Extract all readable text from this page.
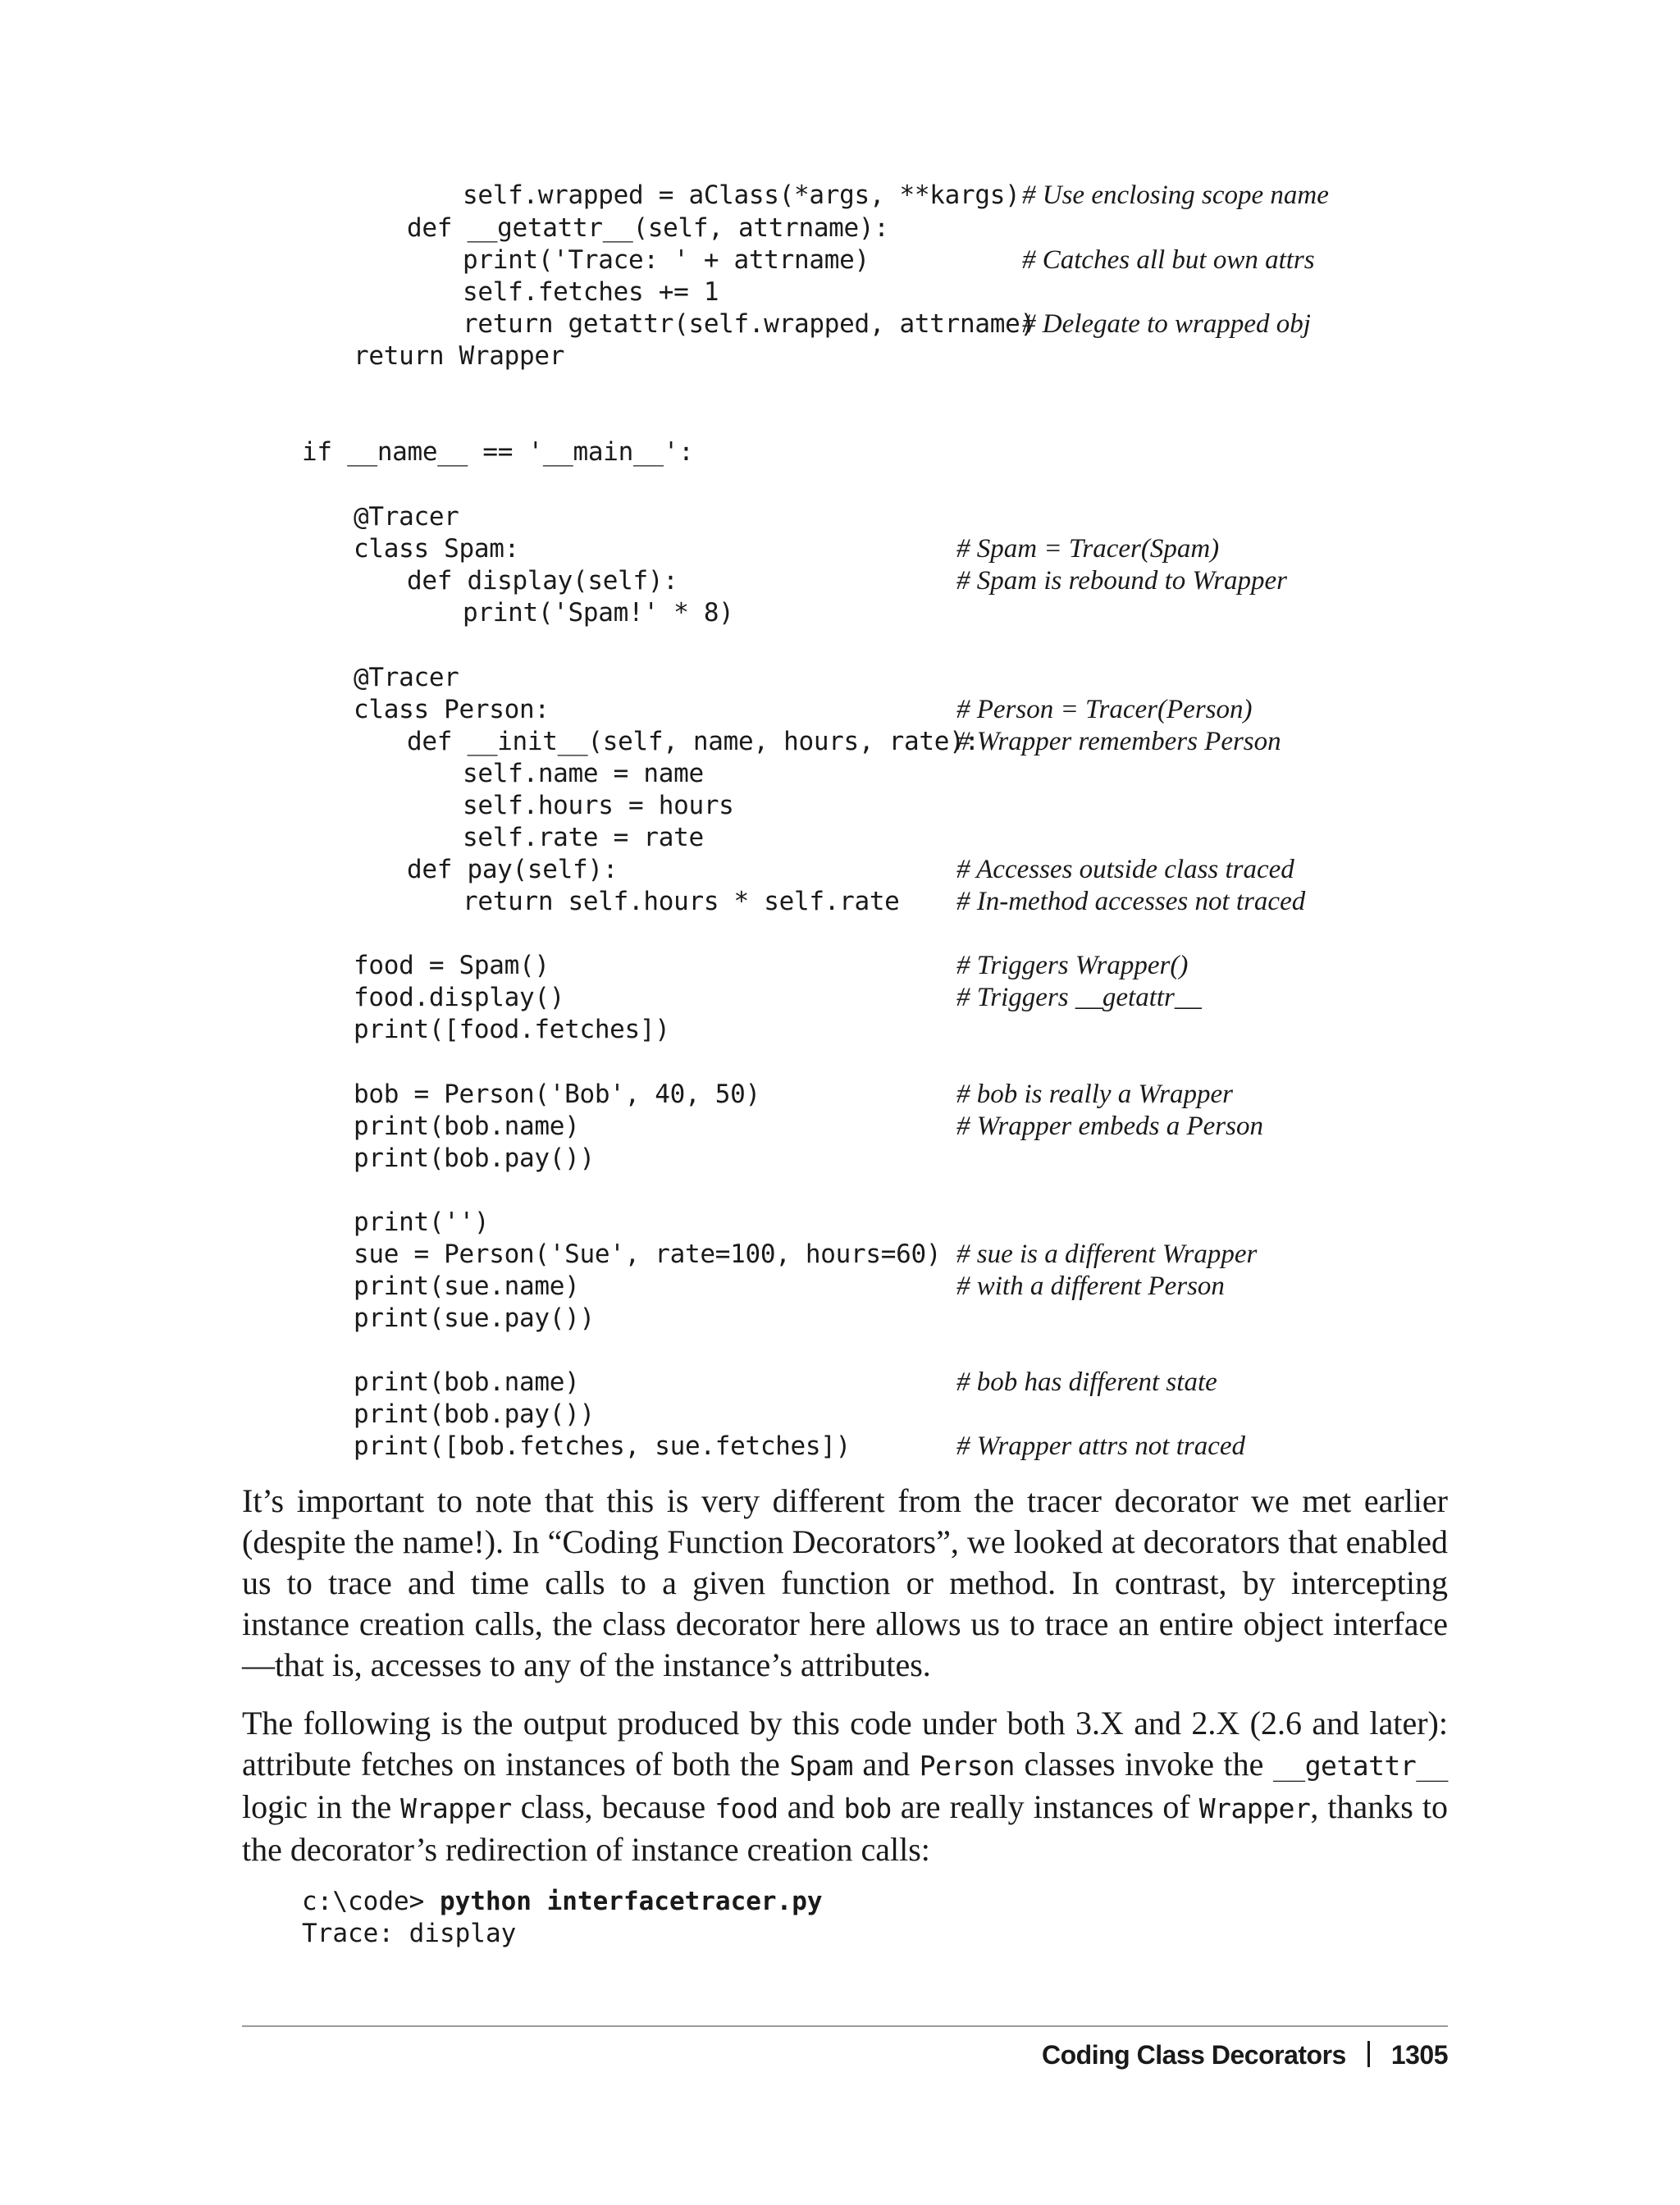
self.wrapped = aClass(*args, **kargs) # Use enclosing scope name
def __getattr__(self, attrname):
print('Trace: ' + attrname)	# Catches all but own attrs
self.fetches += 1
return getattr(self.wrapped, attrname)
# Delegate to wrapped obj
return Wrapper
if __name__ == '__main__':
@Tracer
class Spam:	# Spam = Tracer(Spam)
def display(self):	# Spam is rebound to Wrapper
print('Spam!' * 8)
@Tracer
class Person:	# Person = Tracer(Person)
def __init__(self, name, hours, rate):
# Wrapper remembers Person
self.name = name
self.hours = hours
self.rate = rate
def pay(self):	# Accesses outside class traced
return self.hours * self.rate # In-method accesses not traced
food = Spam()	# Triggers Wrapper()
food.display()	# Triggers __getattr__
print([food.fetches])
bob = Person('Bob', 40, 50)	# bob is really a Wrapper
print(bob.name)	# Wrapper embeds a Person
print(bob.pay())
print('')
sue = Person('Sue', rate=100, hours=60) # sue is a different Wrapper
print(sue.name)	# with a different Person
print(sue.pay())
print(bob.name)	# bob has different state
print(bob.pay())
print([bob.fetches, sue.fetches])	# Wrapper attrs not traced

It’s important to note that this is very different from the tracer decorator we met earlier (despite the name!). In “Coding Function Decorators”, we looked at decorators that enabled us to trace and time calls to a given function or method. In contrast, by intercepting instance creation calls, the class decorator here allows us to trace an entire object interface—that is, accesses to any of the instance’s attributes.

The following is the output produced by this code under both 3.X and 2.X (2.6 and later): attribute fetches on instances of both the Spam and Person classes invoke the __getattr__ logic in the Wrapper class, because food and bob are really instances of Wrapper, thanks to the decorator’s redirection of instance creation calls:

c:\code> python interfacetracer.py
Trace: display
Coding Class Decorators 1305
